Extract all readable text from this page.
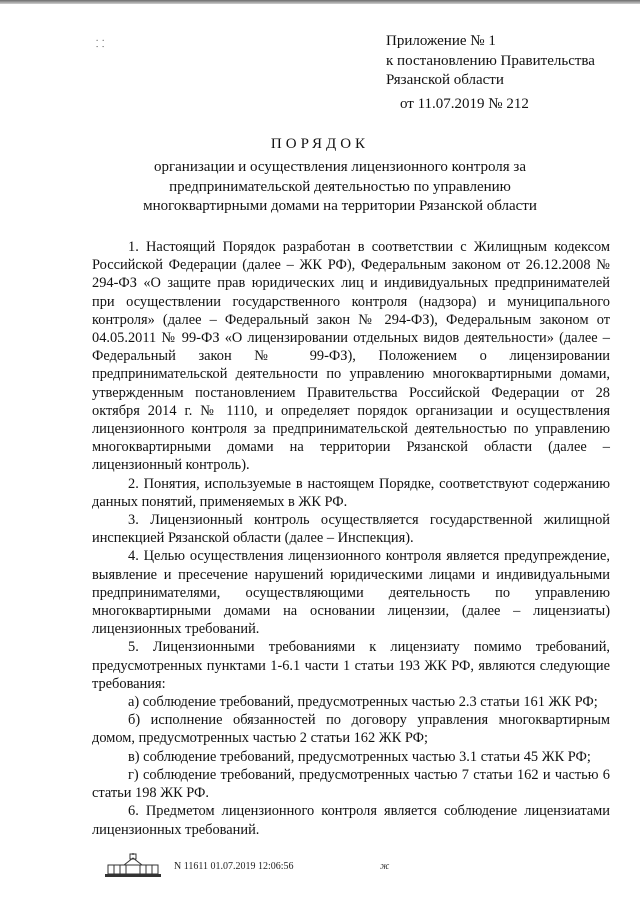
⸬	Приложение № 1
к постановлению Правительства
Рязанской области
от 11.07.2019 № 212
ПОРЯДОК
организации и осуществления лицензионного контроля за предпринимательской деятельностью по управлению многоквартирными домами на территории Рязанской области

1. Настоящий Порядок разработан в соответствии с Жилищным кодексом Российской Федерации (далее – ЖК РФ), Федеральным законом от 26.12.2008 № 294-ФЗ «О защите прав юридических лиц и индивидуальных предпринимателей при осуществлении государственного контроля (надзора) и муниципального контроля» (далее – Федеральный закон № 294-ФЗ), Федеральным законом от 04.05.2011 № 99-ФЗ «О лицензировании отдельных видов деятельности» (далее – Федеральный закон № 99-ФЗ), Положением о лицензировании предпринимательской деятельности по управлению многоквартирными домами, утвержденным постановлением Правительства Российской Федерации от 28 октября 2014 г. № 1110, и определяет порядок организации и осуществления лицензионного контроля за предпринимательской деятельностью по управлению многоквартирными домами на территории Рязанской области (далее – лицензионный контроль).

2. Понятия, используемые в настоящем Порядке, соответствуют содержанию данных понятий, применяемых в ЖК РФ.

3. Лицензионный контроль осуществляется государственной жилищной инспекцией Рязанской области (далее – Инспекция).

4. Целью осуществления лицензионного контроля является предупреждение, выявление и пресечение нарушений юридическими лицами и индивидуальными предпринимателями, осуществляющими деятельность по управлению многоквартирными домами на основании лицензии, (далее – лицензиаты) лицензионных требований.

5. Лицензионными требованиями к лицензиату помимо требований, предусмотренных пунктами 1-6.1 части 1 статьи 193 ЖК РФ, являются следующие требования:

а) соблюдение требований, предусмотренных частью 2.3 статьи 161 ЖК РФ;

б) исполнение обязанностей по договору управления многоквартирным домом, предусмотренных частью 2 статьи 162 ЖК РФ;

в) соблюдение требований, предусмотренных частью 3.1 статьи 45 ЖК РФ;

г) соблюдение требований, предусмотренных частью 7 статьи 162 и частью 6 статьи 198 ЖК РФ.

6. Предметом лицензионного контроля является соблюдение лицензиатами лицензионных требований.

N 11611 01.07.2019 12:06:56	ж
